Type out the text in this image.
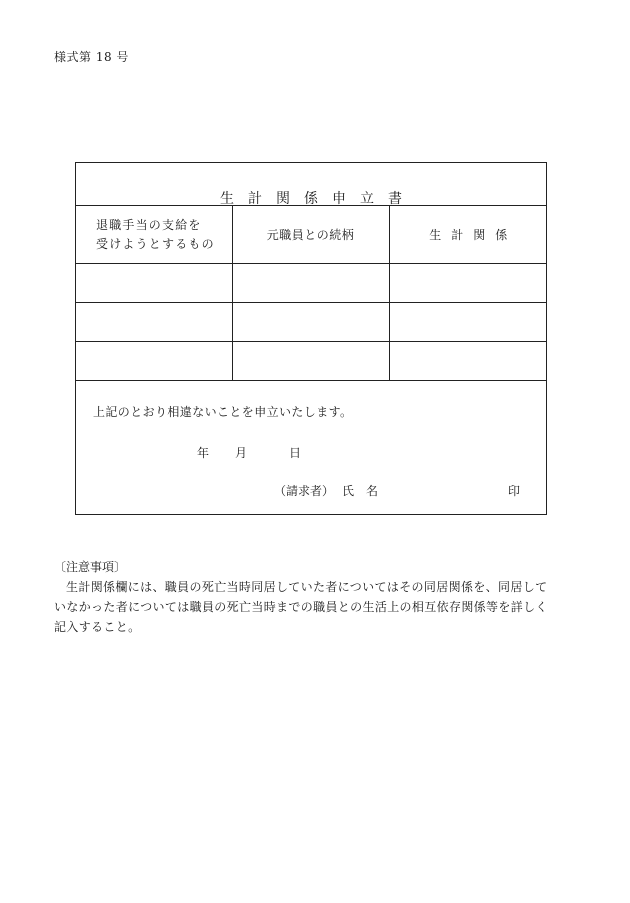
様式第 18 号
生計関係申立書
退職手当の支給を
受けようとするもの	元職員との続柄	生計関係

上記のとおり相違ないことを申立いたします。
年 月	日
（請求者） 氏 名	印
〔注意事項〕
生計関係欄には、職員の死亡当時同居していた者についてはその同居関係を、同居して
いなかった者については職員の死亡当時までの職員との生活上の相互依存関係等を詳しく
記入すること。
